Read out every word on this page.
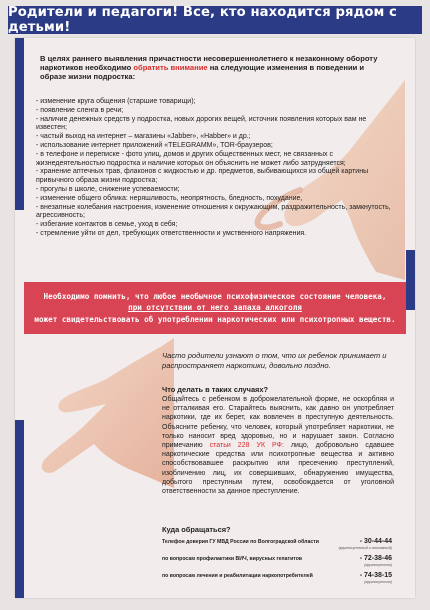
Родители и педагоги! Все, кто находится рядом с детьми!
В целях раннего выявления причастности несовершеннолетнего к незаконному обороту наркотиков необходимо обратить внимание на следующие изменения в поведении и образе жизни подростка:
- изменение круга общения (старшие товарищи);
- появление сленга в речи;
- наличие денежных средств у подростка, новых дорогих вещей, источник появления которых вам не известен;
- частый выход на интернет – магазины «Jabber», «Habber» и др.;
- использование интернет приложений «TELEGRAMM», TOR-браузеров;
- в телефоне и переписке - фото улиц, домов и других общественных мест, не связанных с жизнедеятельностью подростка и наличие которых он объяснить не может либо затрудняется;
- хранение аптечных трав, флаконов с жидкостью и др. предметов, выбивающихся из общей картины привычного образа жизни подростка;
- прогулы в школе, снижение успеваемости;
- изменение общего облика: неряшливость, неопрятность, бледность, похудание,
- внезапные колебания настроения, изменение отношения к окружающим, раздражительность, замкнутость, агрессивность;
- избегание контактов в семье, уход в себя;
- стремление уйти от дел, требующих ответственности и умственного напряжения.
Необходимо помнить, что любое необычное психофизическое состояние человека,
при отсутствии от него запаха алкоголя
может свидетельствовать об употреблении наркотических или психотропных веществ.
Часто родители узнают о том, что их ребенок принимает и распространяет наркотики, довольно поздно.
Что делать в таких случаях?
Общайтесь с ребенком в доброжелательной форме, не оскорбляя и не отталкивая его. Старайтесь выяснить, как давно он употребляет наркотики, где их берет, как вовлечен в преступную деятельность. Объясните ребенку, что человек, который употребляет наркотики, не только наносит вред здоровью, но и нарушает закон. Согласно примечанию статьи 228 УК РФ: лицо, добровольно сдавшее наркотические средства или психотропные вещества и активно способствовавшее раскрытию или пресечению преступлений, изобличению лиц, их совершивших, обнаружению имущества, добытого преступным путем, освобождается от уголовной ответственности за данное преступление.
Куда обращаться?
Телефон доверия ГУ МВД России по Волгоградской области	- 30-44-44
(круглосуточный и анонимный)
по вопросам профилактики ВИЧ, вирусных гепатитов	- 72-38-46
(круглосуточно)
по вопросам лечения и реабилитации наркопотребителей	- 74-38-15
(круглосуточно)
